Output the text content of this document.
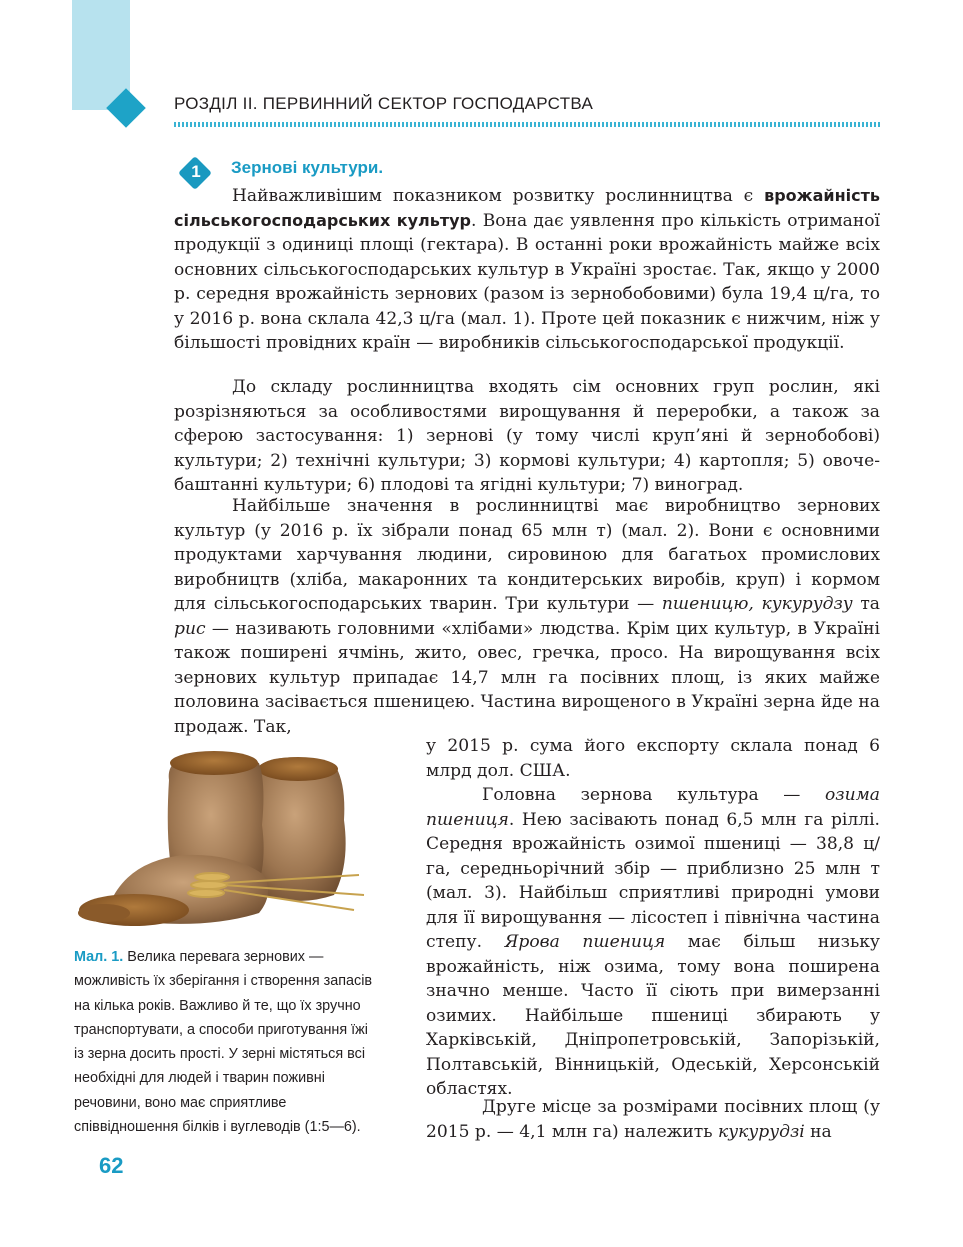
РОЗДІЛ ІІ. ПЕРВИННИЙ СЕКТОР ГОСПОДАРСТВА
1	Зернові культури.

Найважливішим показником розвитку рослинництва є врожайність сільськогосподарських культур. Вона дає уявлення про кількість отриманої продукції з одиниці площі (гектара). В останні роки врожайність майже всіх основних сільськогосподарських культур в Україні зростає. Так, якщо у 2000 р. середня врожайність зернових (разом із зернобобовими) була 19,4 ц/га, то у 2016 р. вона склала 42,3 ц/га (мал. 1). Проте цей показник є нижчим, ніж у більшості провідних країн — виробників сільськогосподарської продукції.

До складу рослинництва входять сім основних груп рослин, які розрізняються за особливостями вирощування й переробки, а також за сферою застосування: 1) зернові (у тому числі круп’яні й зернобобові) культури; 2) технічні культури; 3) кормові культури; 4) картопля; 5) овоче-баштанні культури; 6) плодові та ягідні культури; 7) виноград.

Найбільше значення в рослинництві має виробництво зернових культур (у 2016 р. їх зібрали понад 65 млн т) (мал. 2). Вони є основними продуктами харчування людини, сировиною для багатьох промислових виробництв (хліба, макаронних та кондитерських виробів, круп) і кормом для сільськогосподарських тварин. Три культури — пшеницю, кукурудзу та рис — називають головними «хлібами» людства. Крім цих культур, в Україні також поширені ячмінь, жито, овес, гречка, просо. На вирощування всіх зернових культур припадає 14,7 млн га посівних площ, із яких майже половина засівається пшеницею. Частина вирощеного в Україні зерна йде на продаж. Так,

у 2015 р. сума його експорту склала понад 6 млрд дол. США.

Головна зернова культура — озима пшениця. Нею засівають понад 6,5 млн га ріллі. Середня врожайність озимої пшениці — 38,8 ц/га, середньорічний збір — приблизно 25 млн т (мал. 3). Найбільш сприятливі природні умови для її вирощування — лісостеп і північна частина степу. Ярова пшениця має більш низьку врожайність, ніж озима, тому вона поширена значно менше. Часто її сіють при вимерзанні озимих. Найбільше пшениці збирають у Харківській, Дніпропетровській, Запорізькій, Полтавській, Вінницькій, Одеській, Херсонській областях.

Друге місце за розмірами посівних площ (у 2015 р. — 4,1 млн га) належить кукурудзі на

Мал. 1. Велика перевага зернових — можливість їх зберігання і створення запасів на кілька років. Важливо й те, що їх зручно транспортувати, а способи приготування їжі із зерна досить прості. У зерні містяться всі необхідні для людей і тварин поживні речовини, воно має сприятливе співвідношення білків і вуглеводів (1:5—6).
62
